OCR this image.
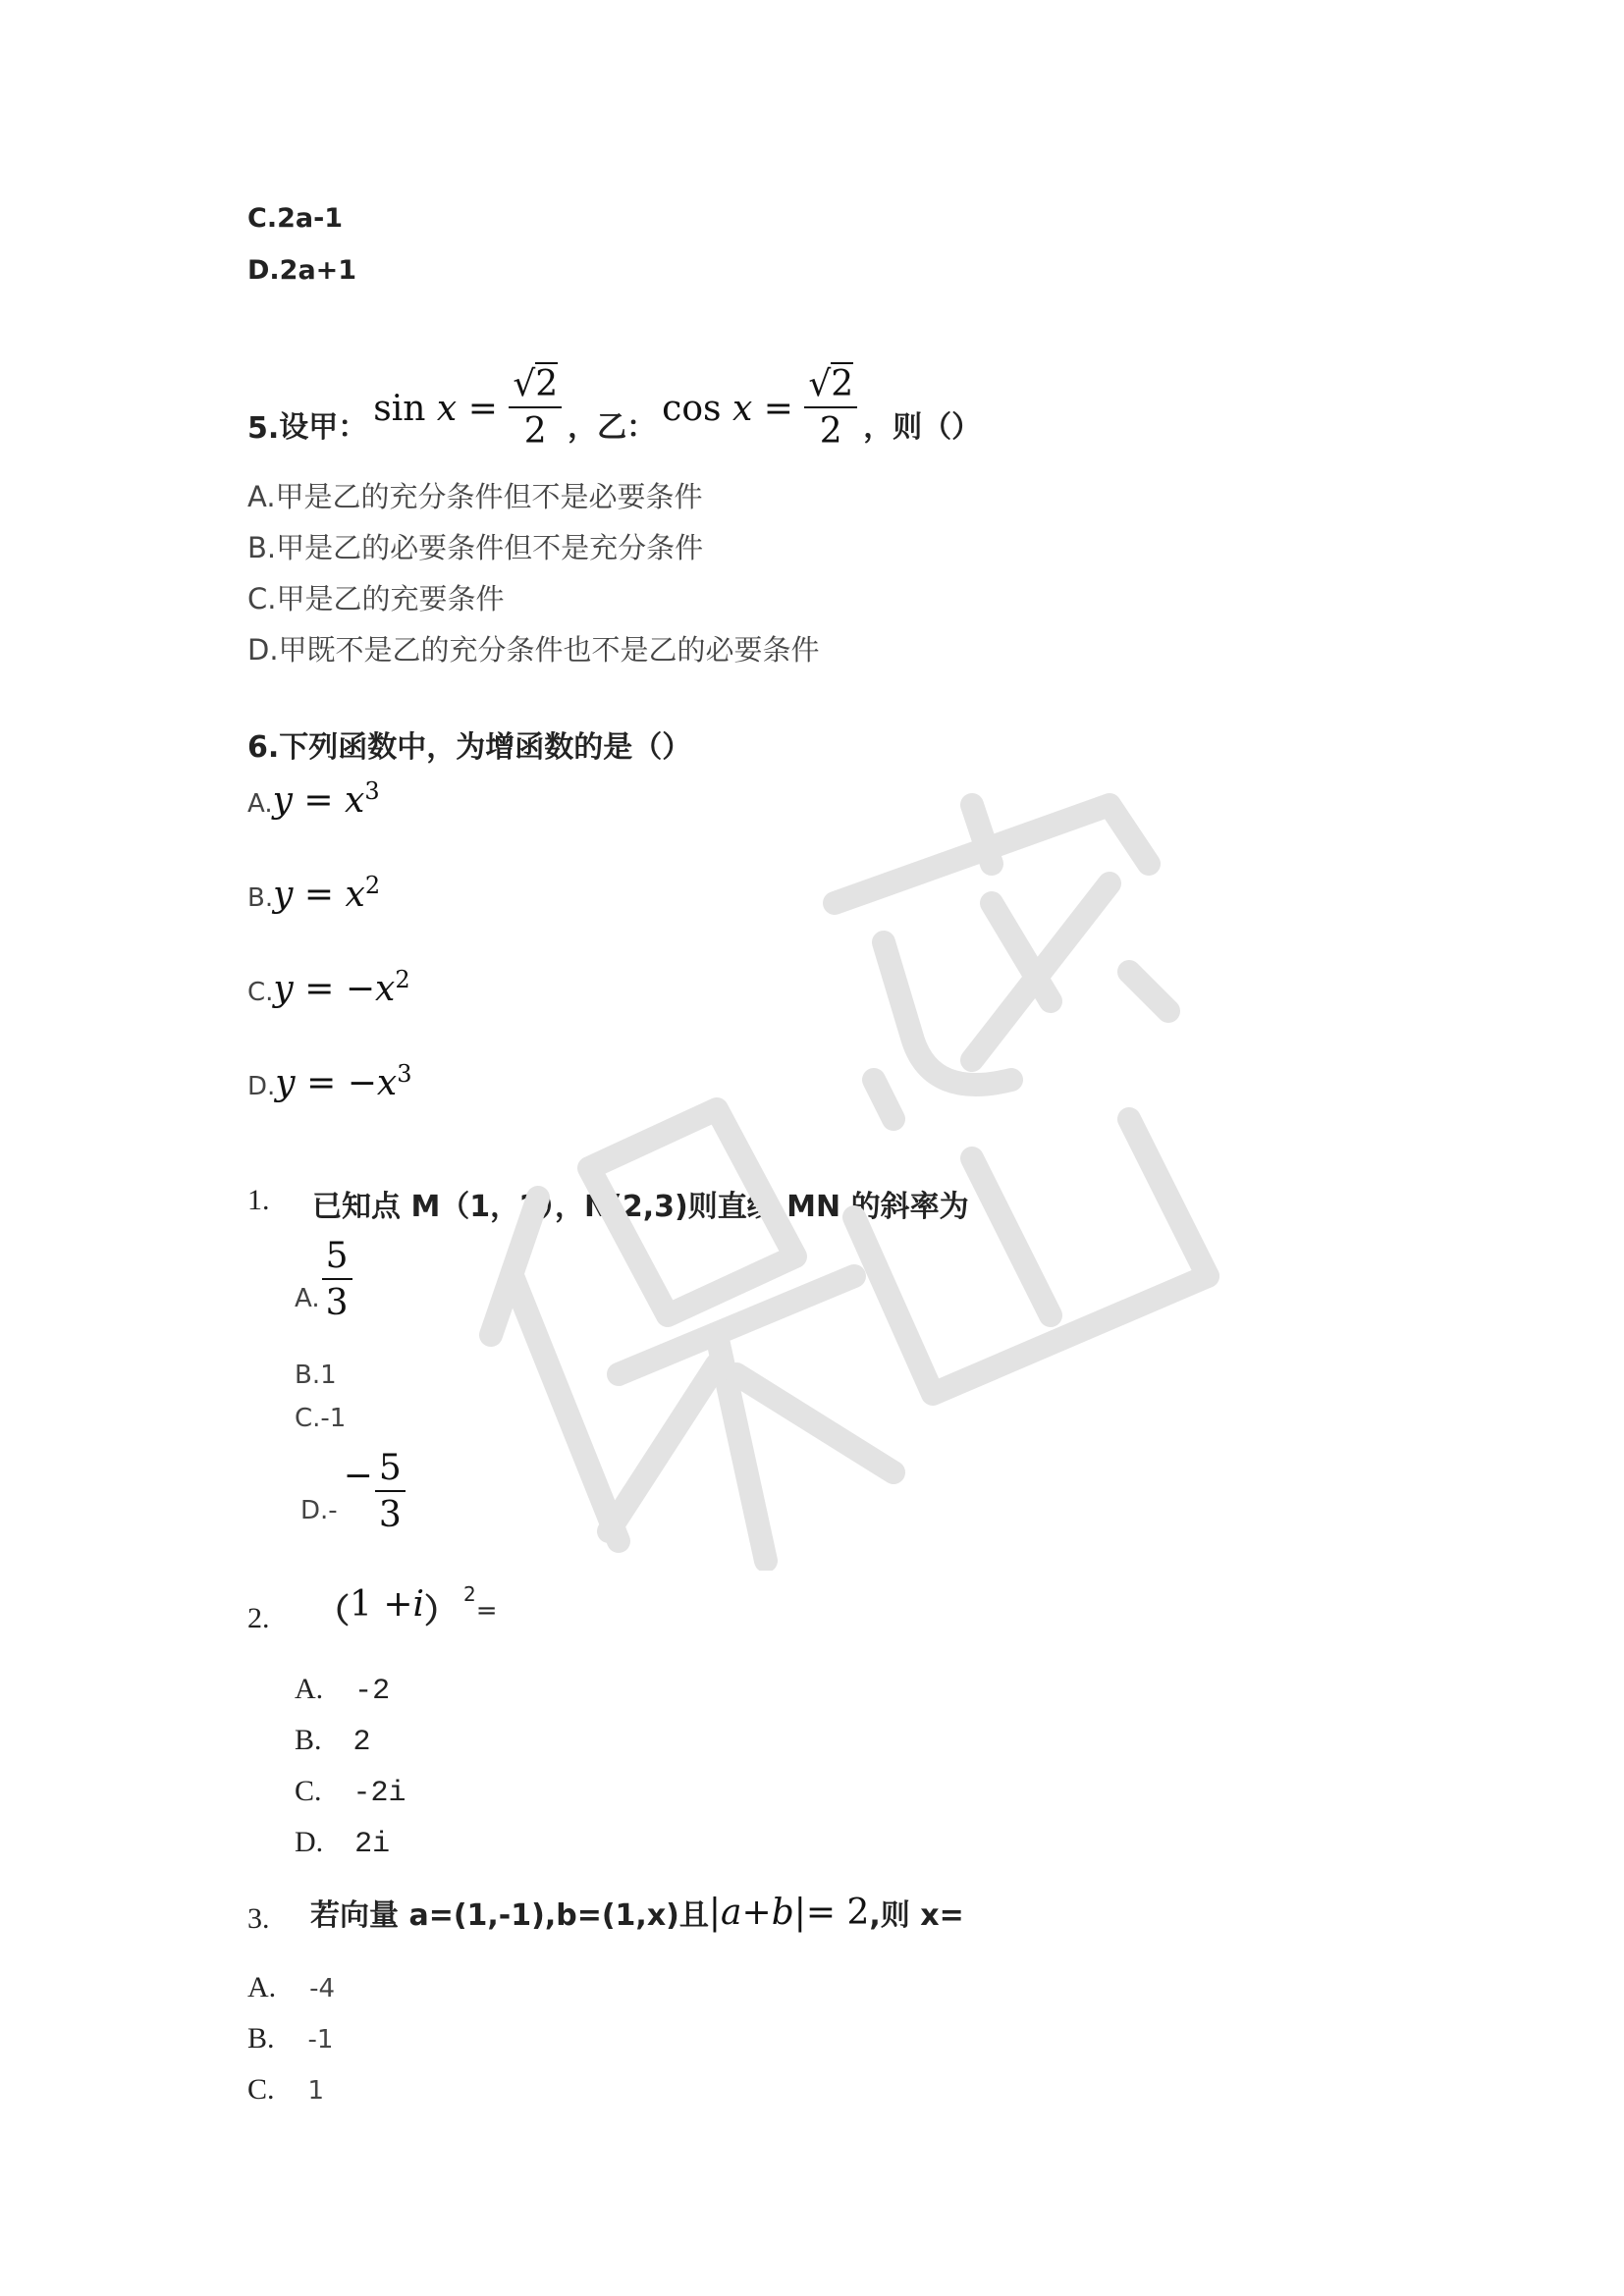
C.2a-1
D.2a+1
5. 设甲： sin
x
=
$\frac{√2}{2}$ ， 乙： cos
x
=
$\frac{√2}{2}$ ，则（）
A.甲是乙的充分条件但不是必要条件
B.甲是乙的必要条件但不是充分条件
C.甲是乙的充要条件
D.甲既不是乙的充分条件也不是乙的必要条件
6.下列函数中，为增函数的是（）
$A.y = x^3$
$B.y = x^2$
$C.y = -x^2$
$D.y = -x^3$
1. 已知点 M（1，2），N(2,3)则直线 MN 的斜率为
A. $\frac{5}{3}$
B.1
C.-1
D.-
− $\frac{5}{3}$
2. （ 1 + i ） 2
=
A. -2
B. 2
C. -2i
D. 2i
3. 若向量 a=(1,-1),b=(1,x)且 | a + b | = 2 ,则 x=
A. -4
B. -1
C. 1
